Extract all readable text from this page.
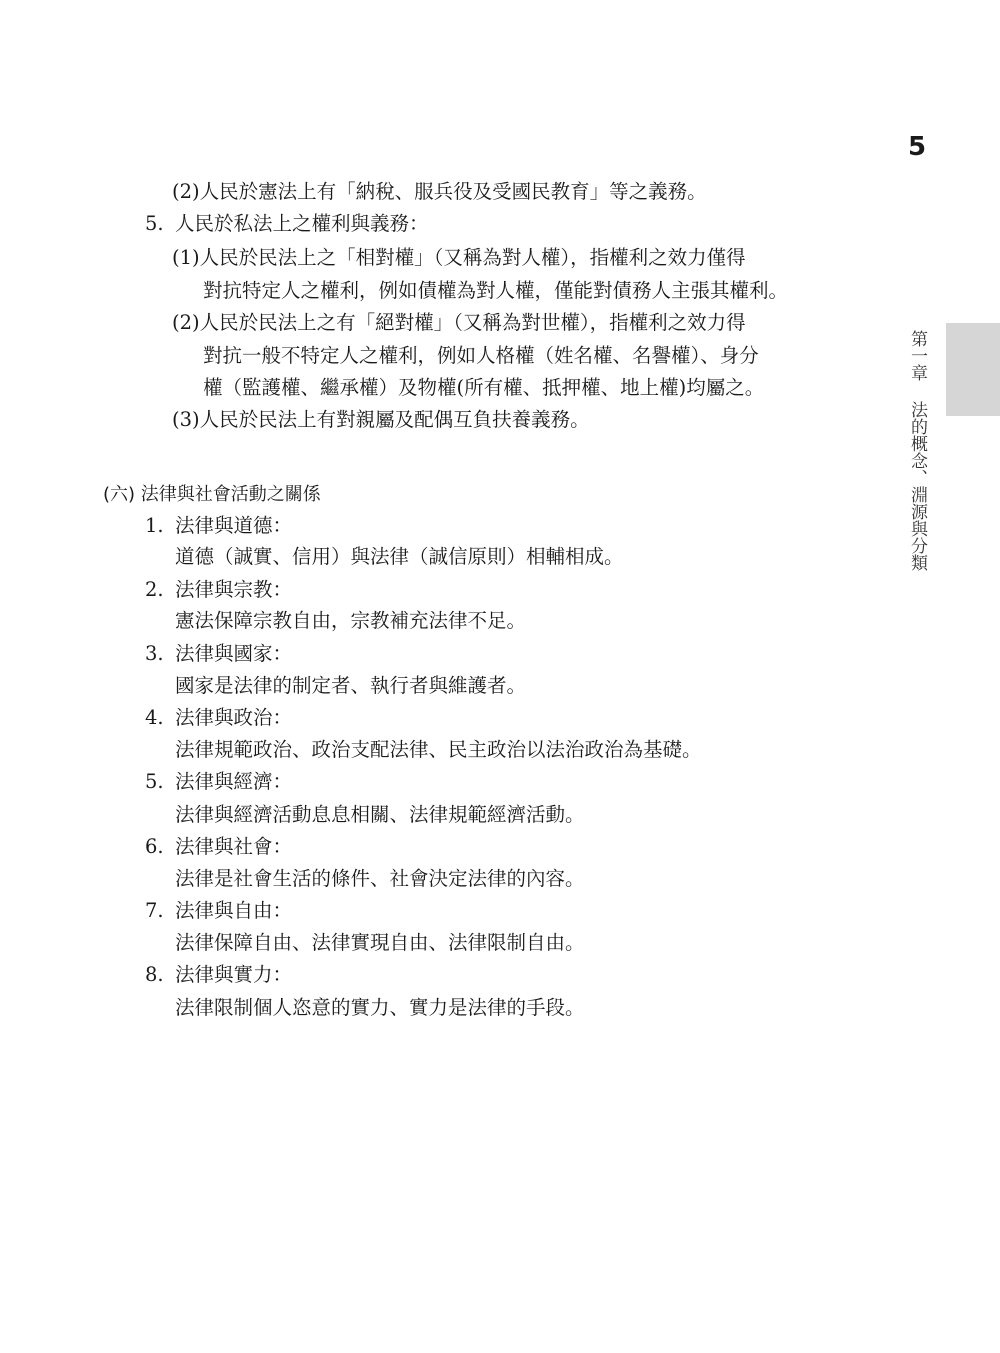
5
第一章法的概念、淵源與分類
(2)人民於憲法上有「納稅、服兵役及受國民教育」等之義務。
5. 人民於私法上之權利與義務：
(1)人民於民法上之「相對權」（又稱為對人權），指權利之效力僅得
對抗特定人之權利，例如債權為對人權，僅能對債務人主張其權利。
(2)人民於民法上之有「絕對權」（又稱為對世權），指權利之效力得
對抗一般不特定人之權利，例如人格權（姓名權、名譽權）、身分
權（監護權、繼承權）及物權(所有權、抵押權、地上權)均屬之。
(3)人民於民法上有對親屬及配偶互負扶養義務。
(六) 法律與社會活動之關係
1. 法律與道德：
道德（誠實、信用）與法律（誠信原則）相輔相成。
2. 法律與宗教：
憲法保障宗教自由，宗教補充法律不足。
3. 法律與國家：
國家是法律的制定者、執行者與維護者。
4. 法律與政治：
法律規範政治、政治支配法律、民主政治以法治政治為基礎。
5. 法律與經濟：
法律與經濟活動息息相關、法律規範經濟活動。
6. 法律與社會：
法律是社會生活的條件、社會決定法律的內容。
7. 法律與自由：
法律保障自由、法律實現自由、法律限制自由。
8. 法律與實力：
法律限制個人恣意的實力、實力是法律的手段。
